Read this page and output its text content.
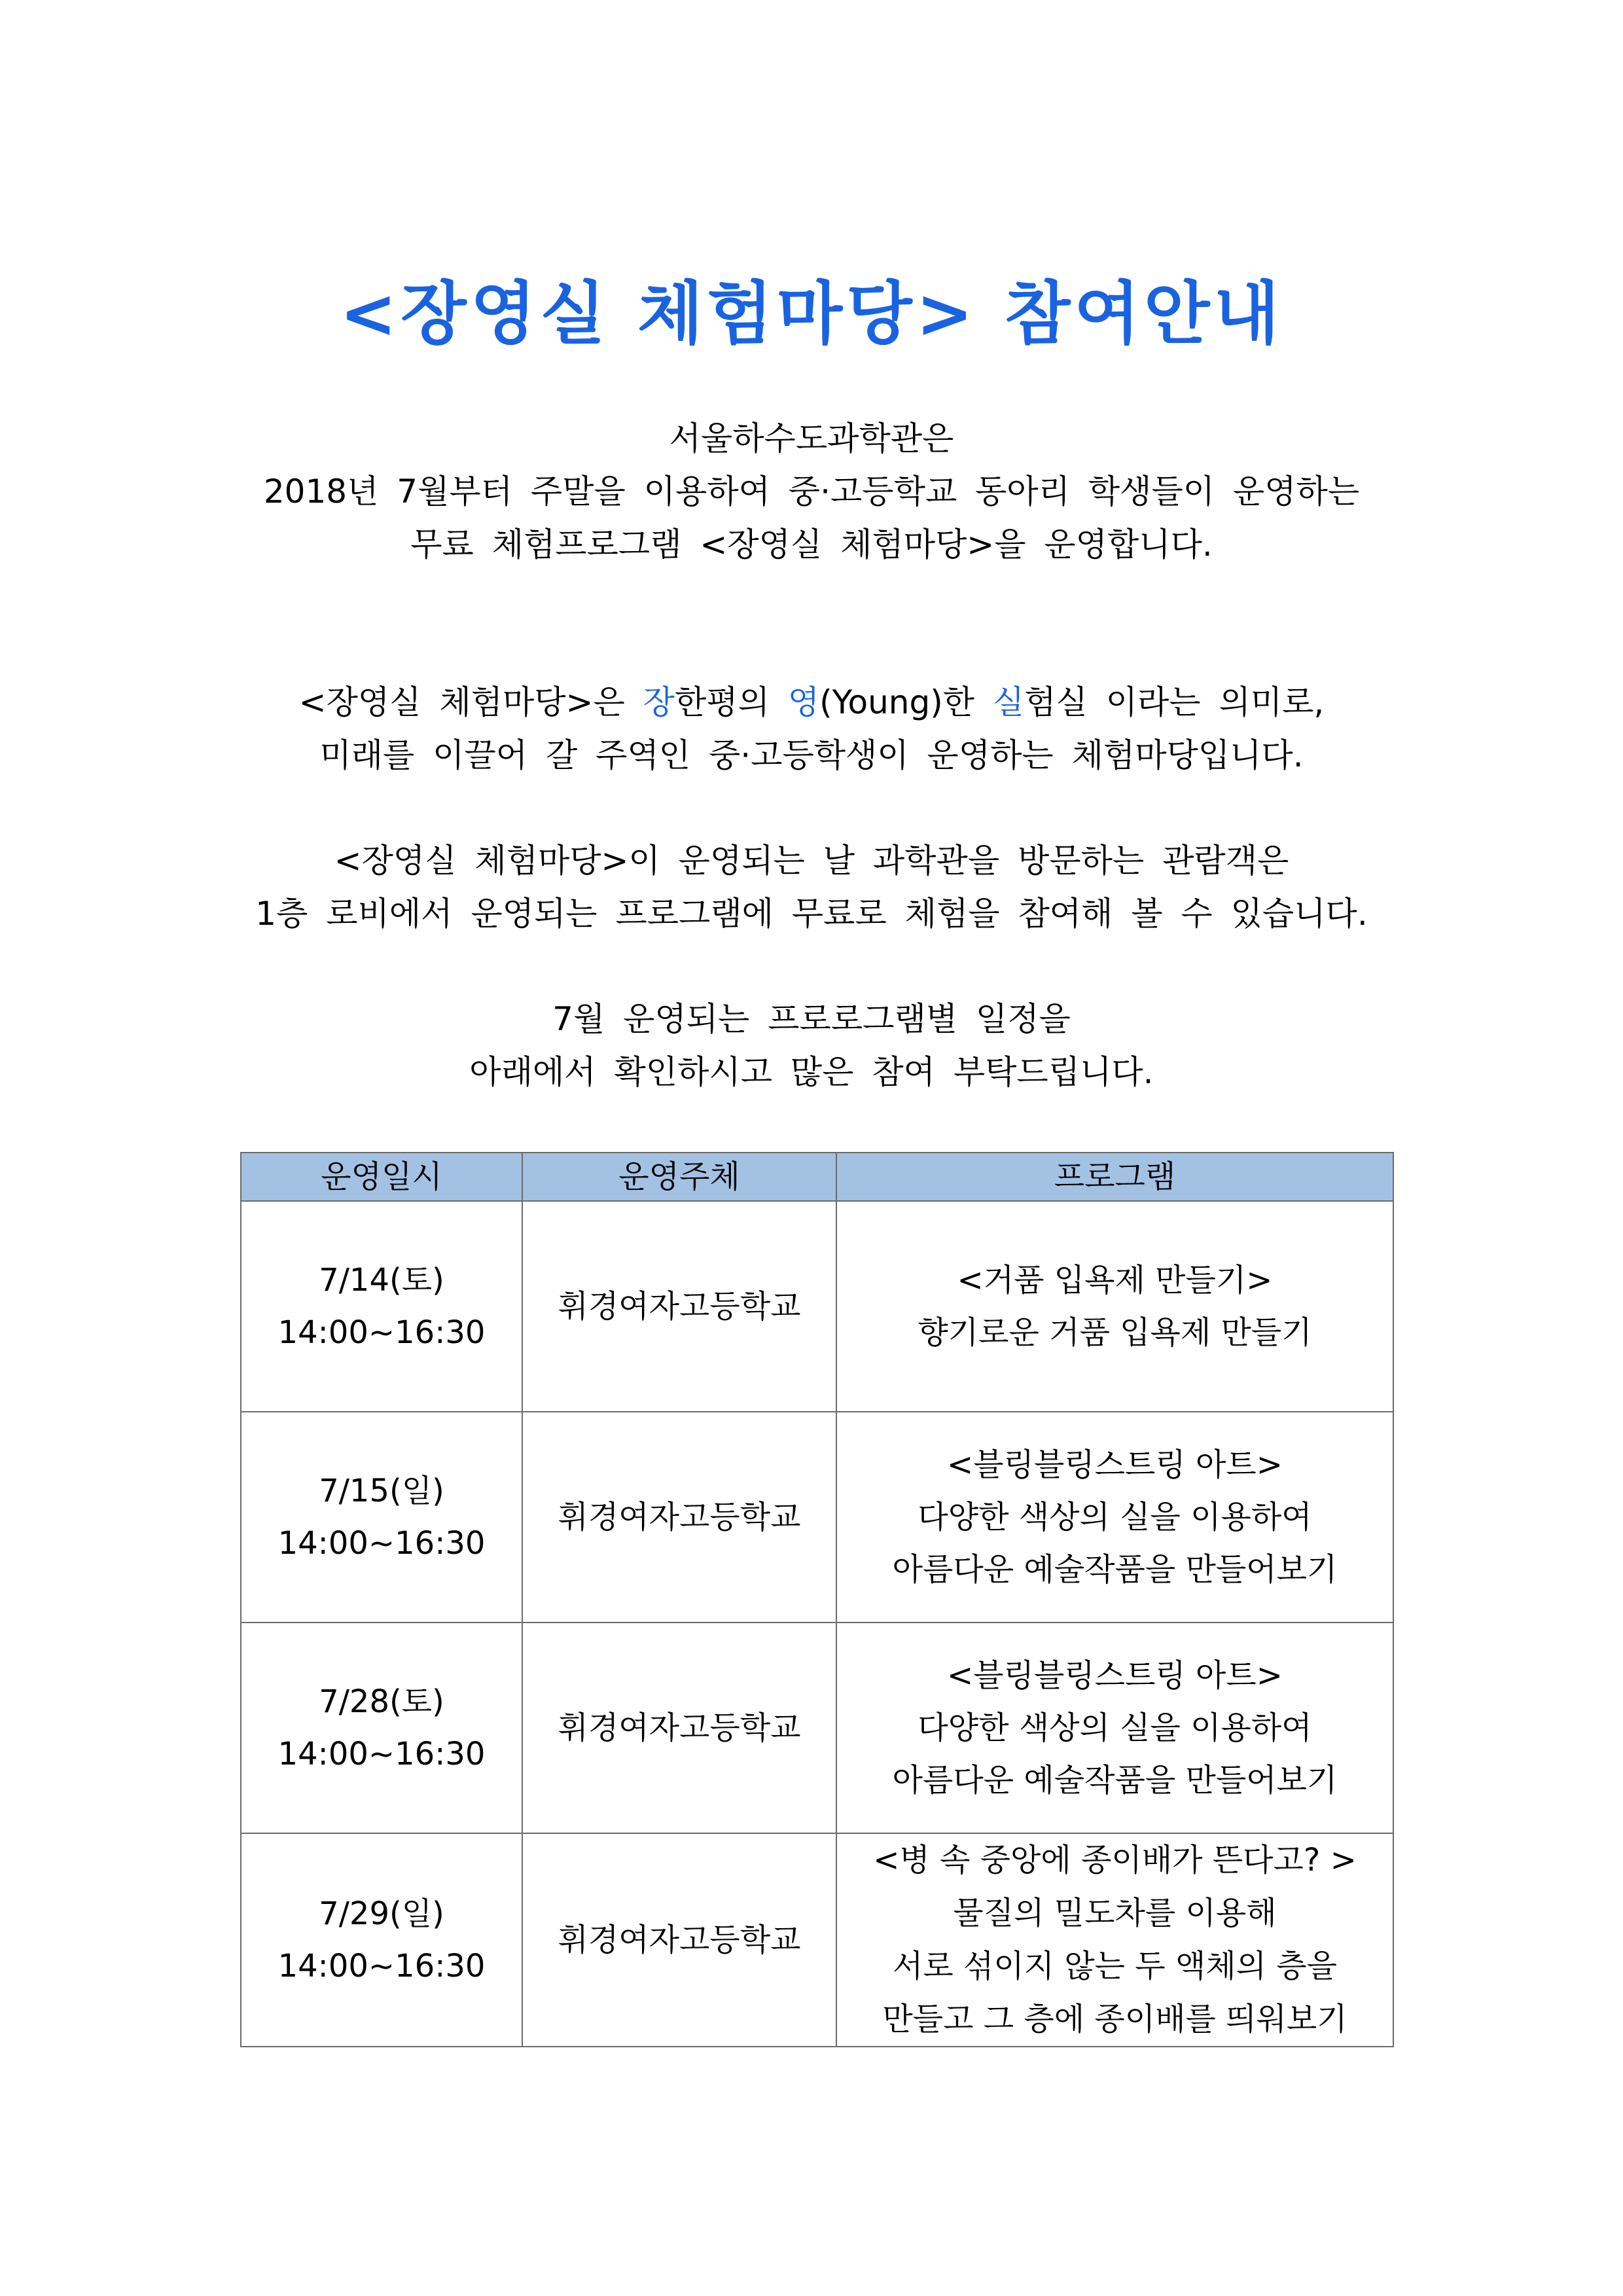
<장영실 체험마당> 참여안내
서울하수도과학관은
2018년 7월부터 주말을 이용하여 중·고등학교 동아리 학생들이 운영하는
무료 체험프로그램 <장영실 체험마당>을 운영합니다.
<장영실 체험마당>은 장한평의 영(Young)한 실험실 이라는 의미로,
미래를 이끌어 갈 주역인 중·고등학생이 운영하는 체험마당입니다.
<장영실 체험마당>이 운영되는 날 과학관을 방문하는 관람객은
1층 로비에서 운영되는 프로그램에 무료로 체험을 참여해 볼 수 있습니다.
7월 운영되는 프로로그램별 일정을
아래에서 확인하시고 많은 참여 부탁드립니다.
운영일시	운영주체	프로그램

7/14(토)
14:00~16:30	휘경여자고등학교	<거품 입욕제 만들기>
향기로운 거품 입욕제 만들기

7/15(일)
14:00~16:30	휘경여자고등학교	<블링블링스트링 아트>
다양한 색상의 실을 이용하여
아름다운 예술작품을 만들어보기

7/28(토)
14:00~16:30	휘경여자고등학교	<블링블링스트링 아트>
다양한 색상의 실을 이용하여
아름다운 예술작품을 만들어보기

7/29(일)
14:00~16:30	휘경여자고등학교	<병 속 중앙에 종이배가 뜬다고? >
물질의 밀도차를 이용해
서로 섞이지 않는 두 액체의 층을
만들고 그 층에 종이배를 띄워보기
